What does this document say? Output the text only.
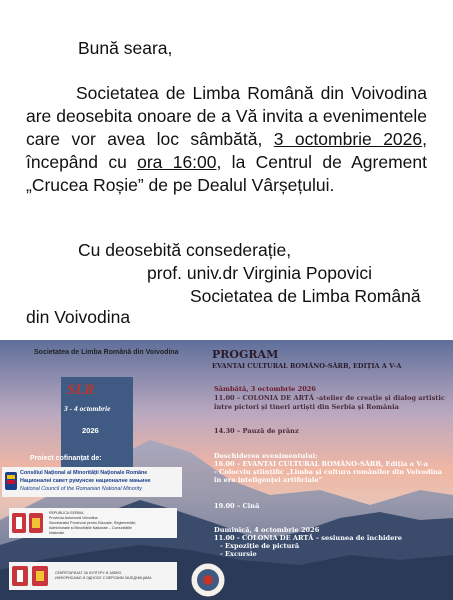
Bună seara,
Societatea de Limba Română din Voivodina are deosebita onoare de a Vă invita a evenimentele care vor avea loc sâmbătă, 3 octombrie 2026, începând cu ora 16:00, la Centrul de Agrement „Crucea Roșie” de pe Dealul Vârșețului.
Cu deosebită consederație,
prof. univ.dr Virginia Popovici
Societatea de Limba Română
din Voivodina
Societatea de Limba Română din Voivodina
SLR
3 - 4 octombrie
2026
PROGRAM
EVANTAI CULTURAL ROMÂNO-SÂRB, EDIȚIA A V-A
Sâmbătă, 3 octombrie 2026
11.00 – COLONIA DE ARTĂ -atelier de creație și dialog artistic
între pictori și tineri artiști din Serbia și România
14.30 – Pauză de prânz
Deschiderea evenimentului:
16.00 – EVANTAI CULTURAL ROMÂNO-SÂRB, Ediția a V-a
- Colocviu științific „Limba și cultura românilor din Voivodina
în era inteligenței artificiale”
19.00 – Cină
Duminică, 4 octombrie 2026
11.00 - COLONIA DE ARTĂ – sesiunea de închidere
- Expoziție de pictură
- Excursie
Proiect cofinanțat de:
Consiliul Național al Minorității Naționale Române
Националнi савет румунске националне мањине
National Council of the Romanian National Minority
REPUBLICA SERBIA
Provincia Autonomă Voivodina
Secretariatul Provincial pentru Educație, Reglementări,
Administrație și Minoritățile Naționale – Comunitățile
Naționale
СЕКРЕТАРИЈАТ ЗА КУЛТУРУ И ЈАВНО
ИНФОРИСАЊЕ И ОДНОСЕ С ВЕРСКИМ ЗАЈЕДНИЦАМА
